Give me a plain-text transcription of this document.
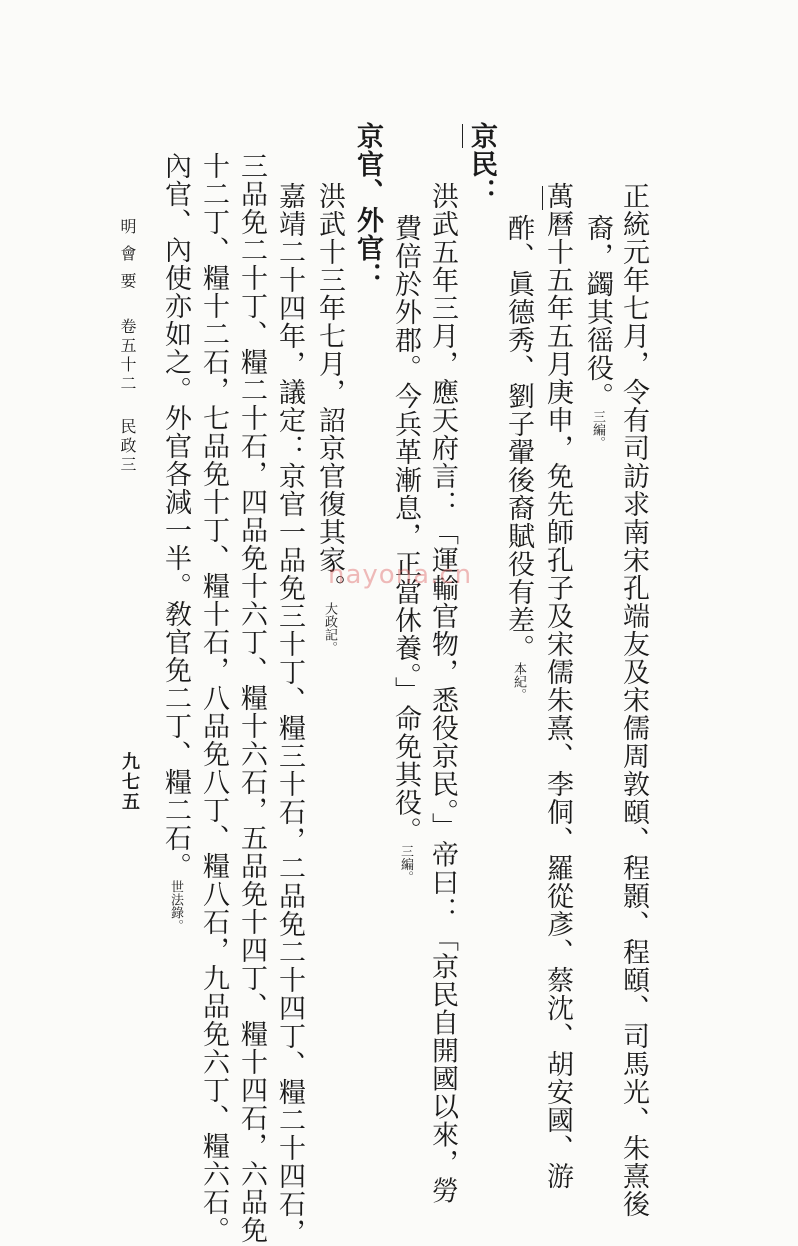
正統元年七月，令有司訪求南宋孔端友及宋儒周敦頤、程顥、程頤、司馬光、朱熹後
裔，蠲其徭役。三編。
萬曆十五年五月庚申，免先師孔子及宋儒朱熹、李侗、羅從彥、蔡沈、胡安國、游
酢、眞德秀、劉子翬後裔賦役有差。本紀。
京民：
洪武五年三月，應天府言：「運輸官物，悉役京民。」帝曰：「京民自開國以來，勞
費倍於外郡。今兵革漸息，正當休養。」命免其役。三編。
京官、外官：
洪武十三年七月，詔京官復其家。大政記。
嘉靖二十四年，議定：京官一品免三十丁、糧三十石，二品免二十四丁、糧二十四石，
三品免二十丁、糧二十石，四品免十六丁、糧十六石，五品免十四丁、糧十四石，六品免
十二丁、糧十二石，七品免十丁、糧十石，八品免八丁、糧八石，九品免六丁、糧六石。
內官、內使亦如之。外官各減一半。敎官免二丁、糧二石。世法錄。
明 會 要
卷五十二
民政三
九七五
nayona.cn
